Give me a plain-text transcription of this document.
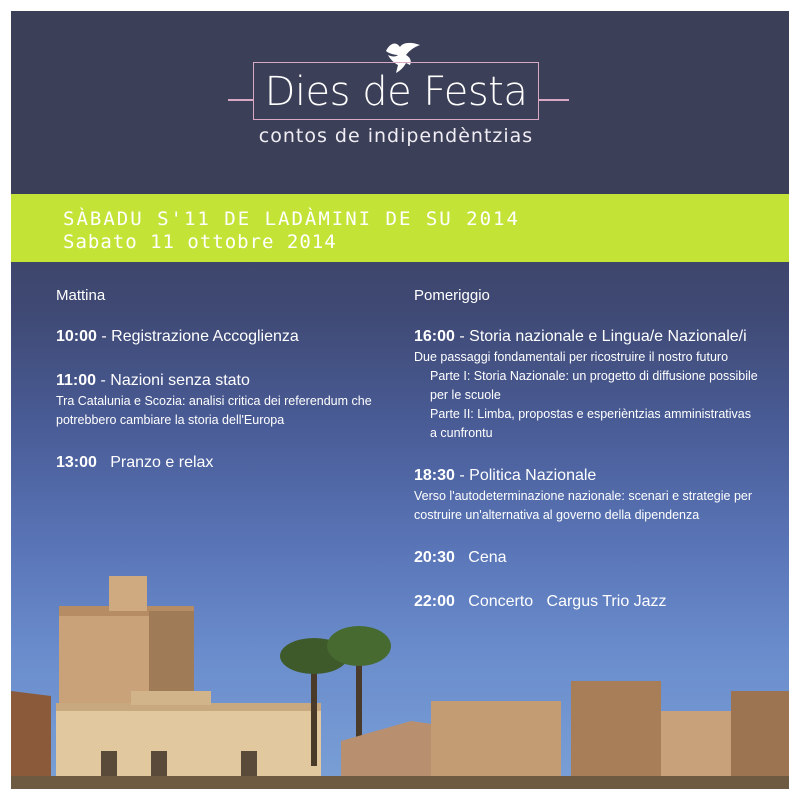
Dies de Festa
contos de indipendèntzias
SÀBADU S'11 DE LADÀMINI DE SU 2014
Sabato 11 ottobre 2014
Mattina
10:00 - Registrazione Accoglienza
11:00 - Nazioni senza stato
Tra Catalunia e Scozia: analisi critica dei referendum che potrebbero cambiare la storia dell'Europa
13:00   Pranzo e relax
Pomeriggio
16:00 - Storia nazionale e Lingua/e Nazionale/i
Due passaggi fondamentali per ricostruire il nostro futuro
Parte I: Storia Nazionale: un progetto di diffusione possibile per le scuole
Parte II: Limba, propostas e esperièntzias amministrativas a cunfrontu
18:30 - Politica Nazionale
Verso l'autodeterminazione nazionale: scenari e strategie per costruire un'alternativa al governo della dipendenza
20:30   Cena
22:00   Concerto   Cargus Trio Jazz
